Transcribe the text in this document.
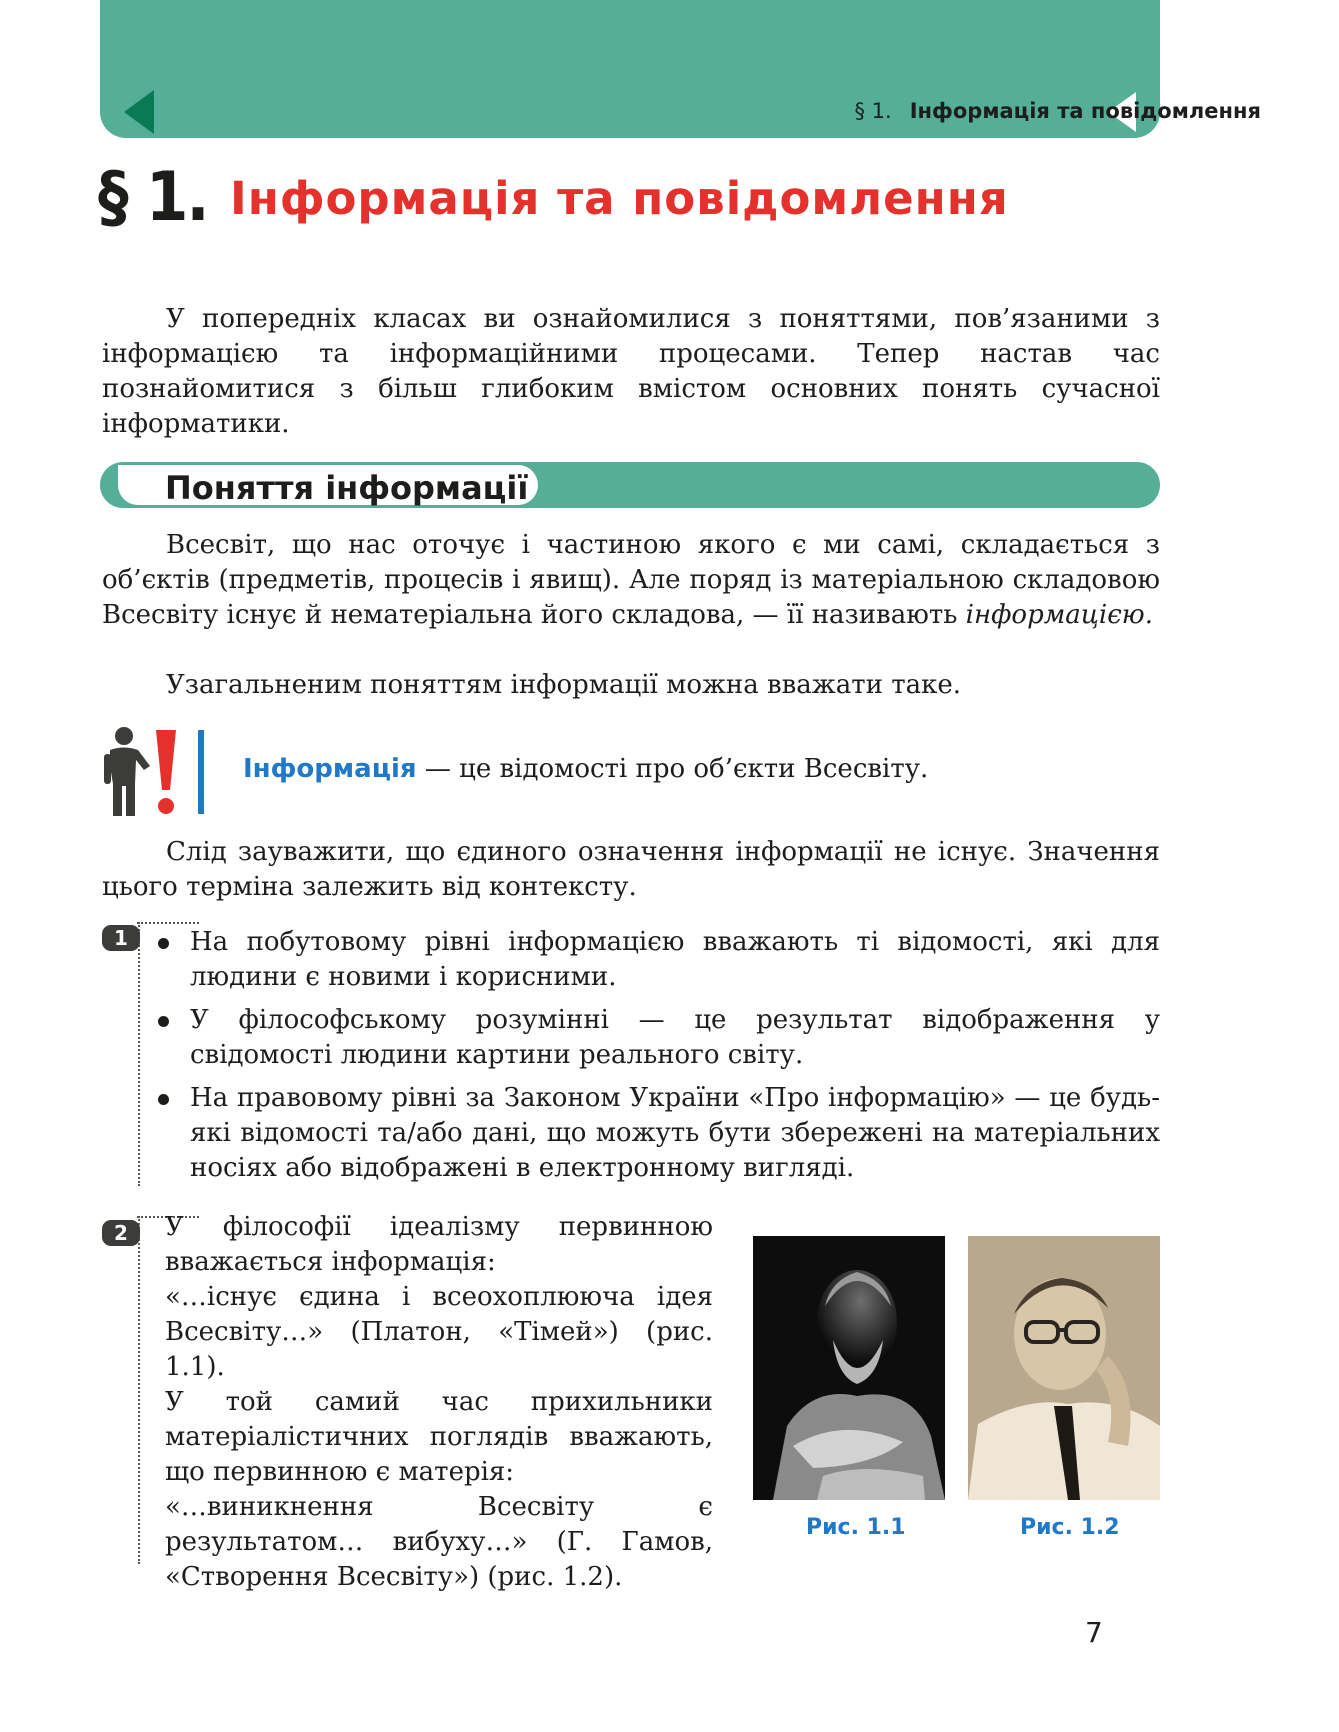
§ 1. Інформація та повідомлення
§ 1. Інформація та повідомлення
У попередніх класах ви ознайомилися з поняттями, пов’язаними з інформацією та інформаційними процесами. Тепер настав час познайомитися з більш глибоким вмістом основних понять сучасної інформатики.
Поняття інформації
Всесвіт, що нас оточує і частиною якого є ми самі, складається з об’єктів (предметів, процесів і явищ). Але поряд із матеріальною складовою Всесвіту існує й нематеріальна його складова, — її називають інформацією.
Узагальненим поняттям інформації можна вважати таке.
Інформація — це відомості про об’єкти Всесвіту.
Слід зауважити, що єдиного означення інформації не існує. Значення цього терміна залежить від контексту.
1	На побутовому рівні інформацією вважають ті відомості, які для людини є новими і корисними.
У філософському розумінні — це результат відображення у свідомості людини картини реального світу.
На правовому рівні за Законом України «Про інформацію» — це будь-які відомості та/або дані, що можуть бути збережені на матеріальних носіях або відображені в електронному вигляді.
2	У філософії ідеалізму первинною вважається інформація:

«…існує єдина і всеохоплююча ідея Всесвіту…» (Платон, «Тімей») (рис. 1.1).

У той самий час прихильники матеріалістичних поглядів вважають, що первинною є матерія:

«…виникнення Всесвіту є результатом… вибуху…» (Г. Гамов, «Створення Всесвіту») (рис. 1.2).

Рис. 1.1	Рис. 1.2
7
